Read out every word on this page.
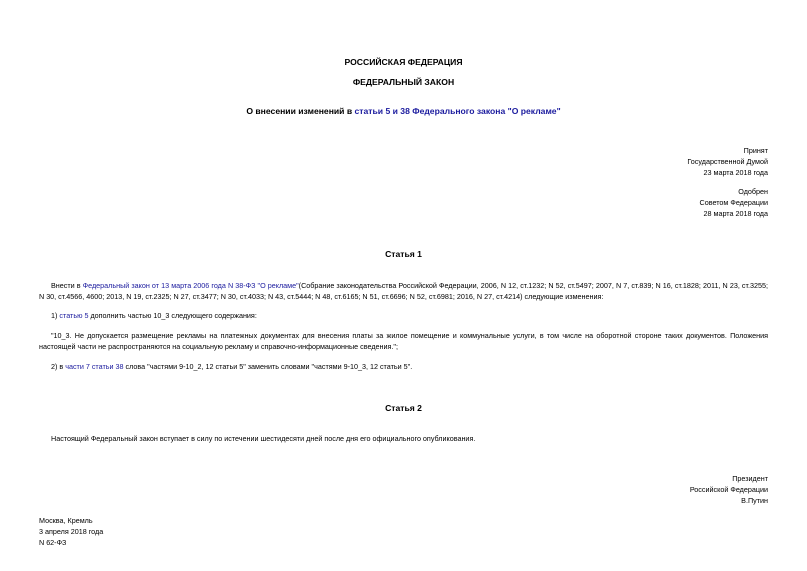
РОССИЙСКАЯ ФЕДЕРАЦИЯ
ФЕДЕРАЛЬНЫЙ ЗАКОН
О внесении изменений в статьи 5 и 38 Федерального закона "О рекламе"
Принят
Государственной Думой
23 марта 2018 года
Одобрен
Советом Федерации
28 марта 2018 года
Статья 1
Внести в Федеральный закон от 13 марта 2006 года N 38-ФЗ "О рекламе"(Собрание законодательства Российской Федерации, 2006, N 12, ст.1232; N 52, ст.5497; 2007, N 7, ст.839; N 16, ст.1828; 2011, N 23, ст.3255; N 30, ст.4566, 4600; 2013, N 19, ст.2325; N 27, ст.3477; N 30, ст.4033; N 43, ст.5444; N 48, ст.6165; N 51, ст.6696; N 52, ст.6981; 2016, N 27, ст.4214) следующие изменения:
1) статью 5 дополнить частью 10_3 следующего содержания:
"10_3. Не допускается размещение рекламы на платежных документах для внесения платы за жилое помещение и коммунальные услуги, в том числе на оборотной стороне таких документов. Положения настоящей части не распространяются на социальную рекламу и справочно-информационные сведения.";
2) в части 7 статьи 38 слова "частями 9-10_2, 12 статьи 5" заменить словами "частями 9-10_3, 12 статьи 5".
Статья 2
Настоящий Федеральный закон вступает в силу по истечении шестидесяти дней после дня его официального опубликования.
Президент
Российской Федерации
В.Путин
Москва, Кремль
3 апреля 2018 года
N 62-ФЗ
